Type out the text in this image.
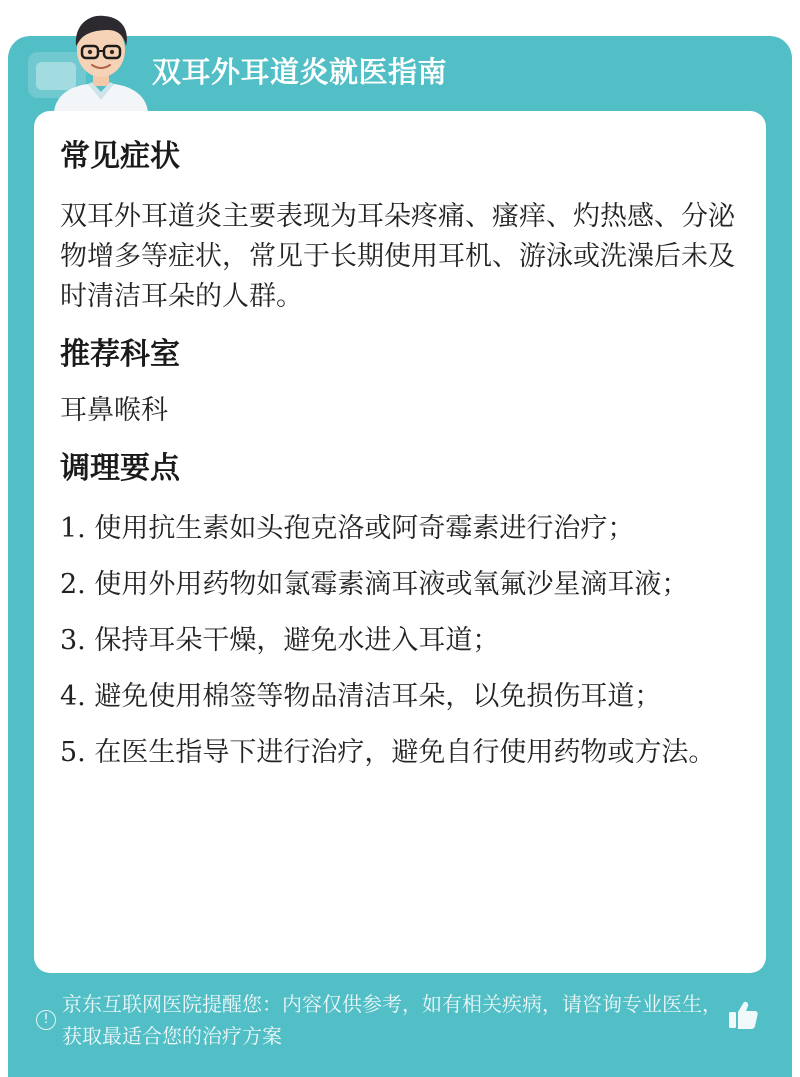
双耳外耳道炎就医指南
常见症状
双耳外耳道炎主要表现为耳朵疼痛、瘙痒、灼热感、分泌物增多等症状，常见于长期使用耳机、游泳或洗澡后未及时清洁耳朵的人群。
推荐科室
耳鼻喉科
调理要点
1. 使用抗生素如头孢克洛或阿奇霉素进行治疗；
2. 使用外用药物如氯霉素滴耳液或氧氟沙星滴耳液；
3. 保持耳朵干燥，避免水进入耳道；
4. 避免使用棉签等物品清洁耳朵，以免损伤耳道；
5. 在医生指导下进行治疗，避免自行使用药物或方法。
!
京东互联网医院提醒您：内容仅供参考，如有相关疾病，请咨询专业医生，获取最适合您的治疗方案
